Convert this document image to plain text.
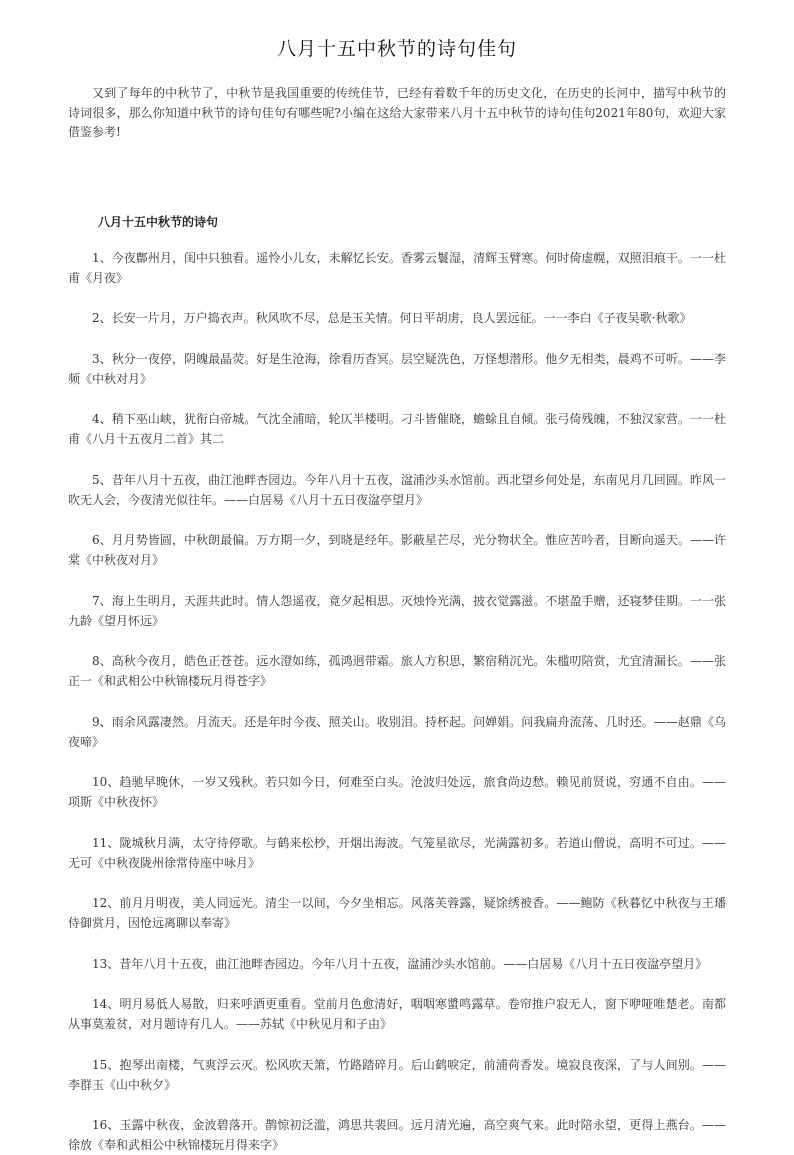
八月十五中秋节的诗句佳句

又到了每年的中秋节了，中秋节是我国重要的传统佳节，已经有着数千年的历史文化，在历史的长河中，描写中秋节的诗词很多，那么你知道中秋节的诗句佳句有哪些呢?小编在这给大家带来八月十五中秋节的诗句佳句2021年80句，欢迎大家借鉴参考!

八月十五中秋节的诗句

1、今夜鄜州月，闺中只独看。遥怜小儿女，未解忆长安。香雾云鬟湿，清辉玉臂寒。何时倚虚幌，双照泪痕干。一一杜甫《月夜》

2、长安一片月，万户捣衣声。秋风吹不尽，总是玉关情。何日平胡虏，良人罢远征。一一李白《子夜吴歌·秋歌》

3、秋分一夜停，阴魄最晶荧。好是生沧海，徐看历杳冥。层空疑洗色，万怪想潜形。他夕无相类，晨鸡不可听。——李频《中秋对月》

4、稍下巫山峡，犹衔白帝城。气沈全浦暗，轮仄半楼明。刁斗皆催晓，蟾蜍且自倾。张弓倚残魄，不独汉家营。一一杜甫《八月十五夜月二首》其二

5、昔年八月十五夜，曲江池畔杏园边。今年八月十五夜，湓浦沙头水馆前。西北望乡何处是，东南见月几回圆。昨风一吹无人会，今夜清光似往年。——白居易《八月十五日夜湓亭望月》

6、月月势皆圆，中秋朗最偏。万方期一夕，到晓是经年。影蔽星芒尽，光分物状全。惟应苦吟者，目断向遥天。——许棠《中秋夜对月》

7、海上生明月，天涯共此时。情人怨遥夜，竟夕起相思。灭烛怜光满，披衣觉露滋。不堪盈手赠，还寝梦佳期。一一张九龄《望月怀远》

8、高秋今夜月，皓色正苍苍。远水澄如练，孤鸿迥带霜。旅人方积思，繁宿稍沉光。朱槛叨陪赏，尤宜清漏长。——张正一《和武相公中秋锦楼玩月得苍字》

9、雨余风露凄然。月流天。还是年时今夜、照关山。收别泪。持杯起。问婵娟。问我扁舟流荡、几时还。——赵鼎《乌夜啼》

10、趋驰早晚休，一岁又残秋。若只如今日，何难至白头。沧波归处远，旅食尚边愁。赖见前贤说，穷通不自由。——项斯《中秋夜怀》

11、陇城秋月满，太守待停歌。与鹤来松杪，开烟出海波。气笼星欲尽，光满露初多。若道山僧说，高明不可过。——无可《中秋夜陇州徐常侍座中咏月》

12、前月月明夜，美人同远光。清尘一以间，今夕坐相忘。风落芙蓉露，疑馀绣被香。——鲍防《秋暮忆中秋夜与王璠侍御赏月，因怆远离聊以奉寄》

13、昔年八月十五夜，曲江池畔杏园边。今年八月十五夜，湓浦沙头水馆前。——白居易《八月十五日夜湓亭望月》

14、明月易低人易散，归来呼酒更重看。堂前月色愈清好，咽咽寒螿鸣露草。卷帘推户寂无人，窗下咿哑唯楚老。南都从事莫羞贫，对月题诗有几人。——苏轼《中秋见月和子由》

15、抱琴出南楼，气爽浮云灭。松风吹天箫，竹路踏碎月。后山鹤唳定，前浦荷香发。境寂良夜深，了与人间别。——李群玉《山中秋夕》

16、玉露中秋夜，金波碧落开。鹊惊初泛滥，鸿思共裴回。远月清光遍，高空爽气来。此时陪永望，更得上燕台。——徐放《奉和武相公中秋锦楼玩月得来字》
